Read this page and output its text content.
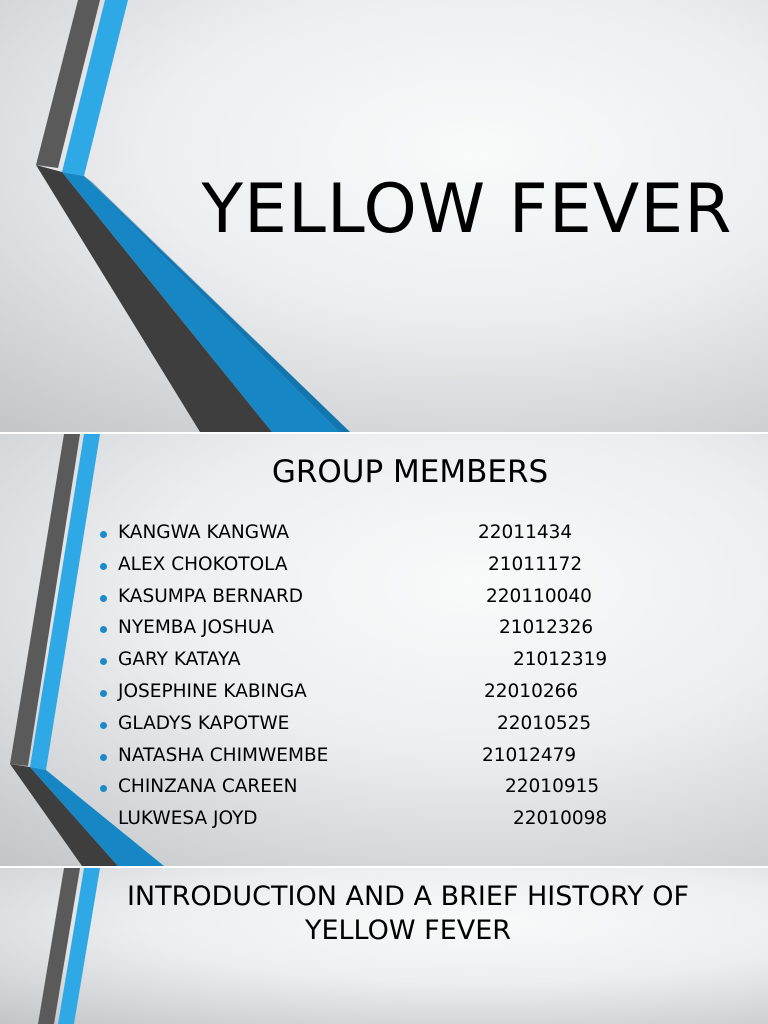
YELLOW FEVER
GROUP MEMBERS
KANGWA KANGWA	22011434
ALEX CHOKOTOLA	21011172
KASUMPA BERNARD	220110040
NYEMBA JOSHUA	21012326
GARY KATAYA	21012319
JOSEPHINE KABINGA	22010266
GLADYS KAPOTWE	22010525
NATASHA CHIMWEMBE	21012479
CHINZANA CAREEN	22010915
LUKWESA JOYD	22010098
INTRODUCTION AND A BRIEF HISTORY OF
YELLOW FEVER
